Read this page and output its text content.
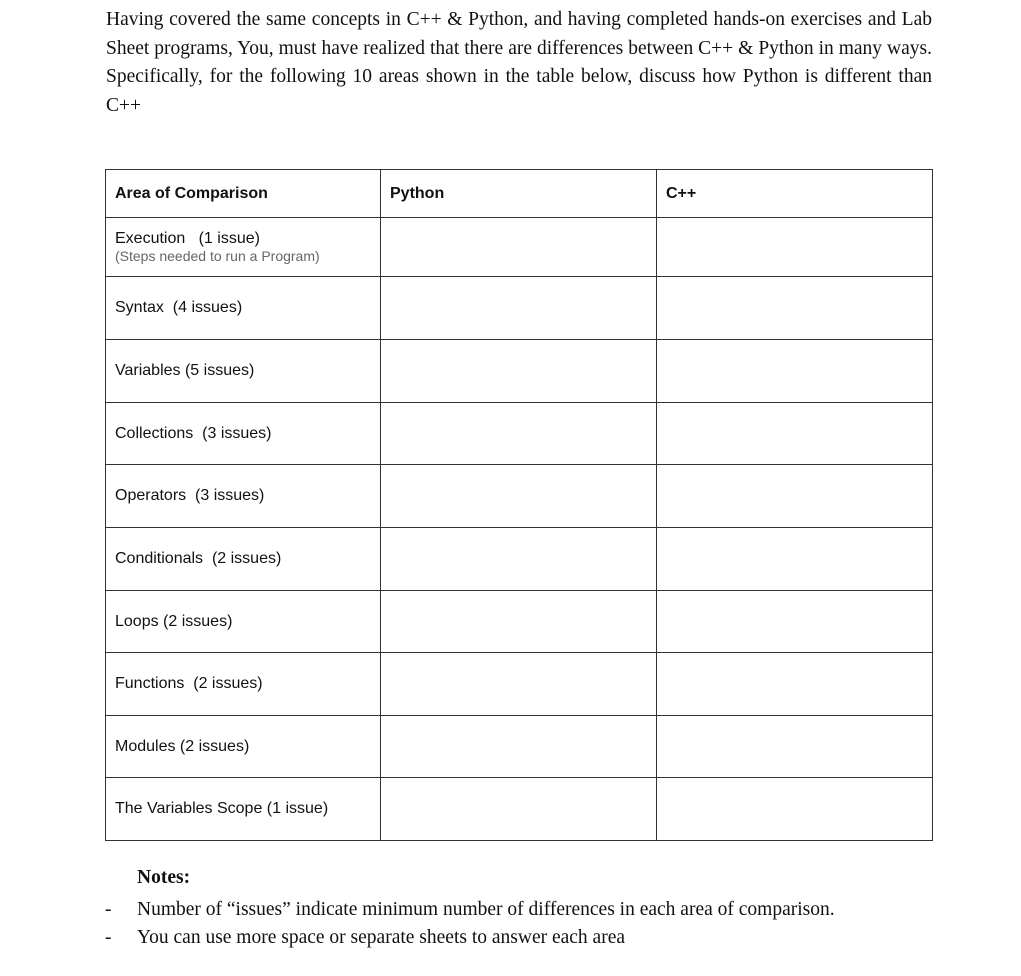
Having covered the same concepts in C++ & Python, and having completed hands-on exercises and Lab Sheet programs, You, must have realized that there are differences between C++ & Python in many ways. Specifically, for the following 10 areas shown in the table below, discuss how Python is different than C++

Area of Comparison	Python	C++

Execution   (1 issue)
(Steps needed to run a Program)		

Syntax  (4 issues)		
Variables (5 issues)		
Collections  (3 issues)		
Operators  (3 issues)		
Conditionals  (2 issues)		
Loops (2 issues)		
Functions  (2 issues)		
Modules (2 issues)		
The Variables Scope (1 issue)		

Notes:

- Number of “issues” indicate minimum number of differences in each area of comparison.
- You can use more space or separate sheets to answer each area
